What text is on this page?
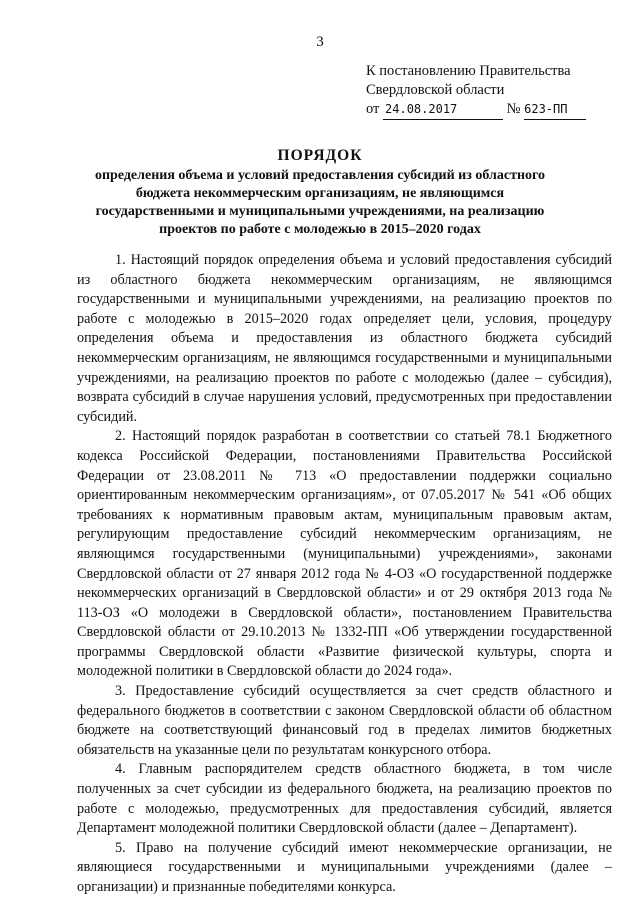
3
К постановлению Правительства
Свердловской области
от 24.08.2017	№ 623-ПП
ПОРЯДОК
определения объема и условий предоставления субсидий из областного бюджета некоммерческим организациям, не являющимся государственными и муниципальными учреждениями, на реализацию проектов по работе с молодежью в 2015–2020 годах

1. Настоящий порядок определения объема и условий предоставления субсидий из областного бюджета некоммерческим организациям, не являющимся государственными и муниципальными учреждениями, на реализацию проектов по работе с молодежью в 2015–2020 годах определяет цели, условия, процедуру определения объема и предоставления из областного бюджета субсидий некоммерческим организациям, не являющимся государственными и муниципальными учреждениями, на реализацию проектов по работе с молодежью (далее – субсидия), возврата субсидий в случае нарушения условий, предусмотренных при предоставлении субсидий.

2. Настоящий порядок разработан в соответствии со статьей 78.1 Бюджетного кодекса Российской Федерации, постановлениями Правительства Российской Федерации от 23.08.2011 № 713 «О предоставлении поддержки социально ориентированным некоммерческим организациям», от 07.05.2017 № 541 «Об общих требованиях к нормативным правовым актам, муниципальным правовым актам, регулирующим предоставление субсидий некоммерческим организациям, не являющимся государственными (муниципальными) учреждениями», законами Свердловской области от 27 января 2012 года № 4-ОЗ «О государственной поддержке некоммерческих организаций в Свердловской области» и от 29 октября 2013 года № 113-ОЗ «О молодежи в Свердловской области», постановлением Правительства Свердловской области от 29.10.2013 № 1332-ПП «Об утверждении государственной программы Свердловской области «Развитие физической культуры, спорта и молодежной политики в Свердловской области до 2024 года».

3. Предоставление субсидий осуществляется за счет средств областного и федерального бюджетов в соответствии с законом Свердловской области об областном бюджете на соответствующий финансовый год в пределах лимитов бюджетных обязательств на указанные цели по результатам конкурсного отбора.

4. Главным распорядителем средств областного бюджета, в том числе полученных за счет субсидии из федерального бюджета, на реализацию проектов по работе с молодежью, предусмотренных для предоставления субсидий, является Департамент молодежной политики Свердловской области (далее – Департамент).

5. Право на получение субсидий имеют некоммерческие организации, не являющиеся государственными и муниципальными учреждениями (далее – организации) и признанные победителями конкурса.
